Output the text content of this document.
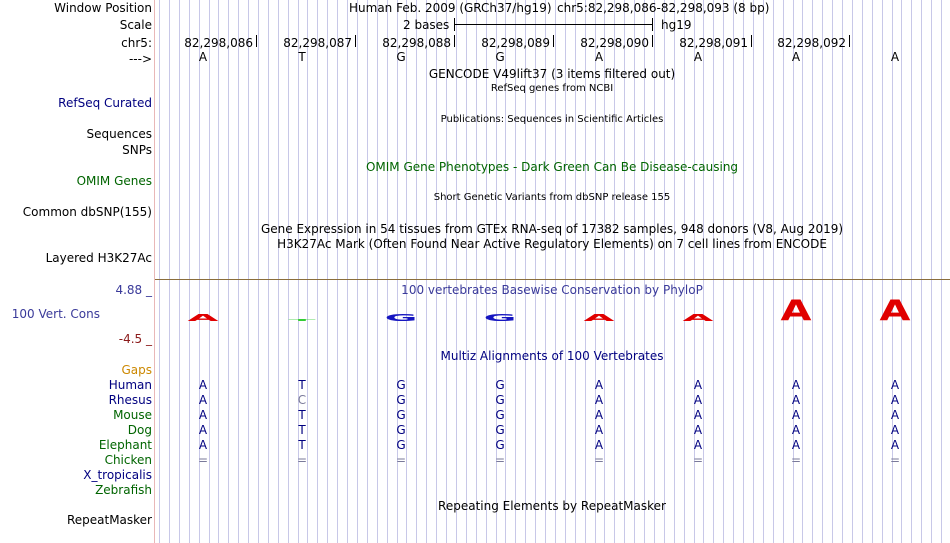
Window Position
Scale
chr5:
--->
Human Feb. 2009 (GRCh37/hg19) chr5:82,298,086-82,298,093 (8 bp)
2 bases	hg19
82,298,086	82,298,087	82,298,088	82,298,089	82,298,090	82,298,091 82,298,092
A	T	G	G	A	A	A	A
GENCODE V49lift37 (3 items filtered out)
RefSeq genes from NCBI
RefSeq Curated
Publications: Sequences in Scientific Articles
Sequences
SNPs
OMIM Gene Phenotypes - Dark Green Can Be Disease-causing
OMIM Genes
Short Genetic Variants from dbSNP release 155
Common dbSNP(155)
Gene Expression in 54 tissues from GTEx RNA-seq of 17382 samples, 948 donors (V8, Aug 2019)
H3K27Ac Mark (Often Found Near Active Regulatory Elements) on 7 cell lines from ENCODE
Layered H3K27Ac
100 vertebrates Basewise Conservation by PhyloP
4.88 _
100 Vert. Cons
-4.5 _
A T G G A A A A
Multiz Alignments of 100 Vertebrates
Gaps
Human	A	T	G	G	A	A	A	A
Rhesus	A	C	G	G	A	A	A	A
Mouse	A	T	G	G	A	A	A	A
Dog	A	T	G	G	A	A	A	A
Elephant	A	T	G	G	A	A	A	A
Chicken	=	=	=	=	=	=	=	=
X_tropicalis
Zebrafish
Repeating Elements by RepeatMasker
RepeatMasker
